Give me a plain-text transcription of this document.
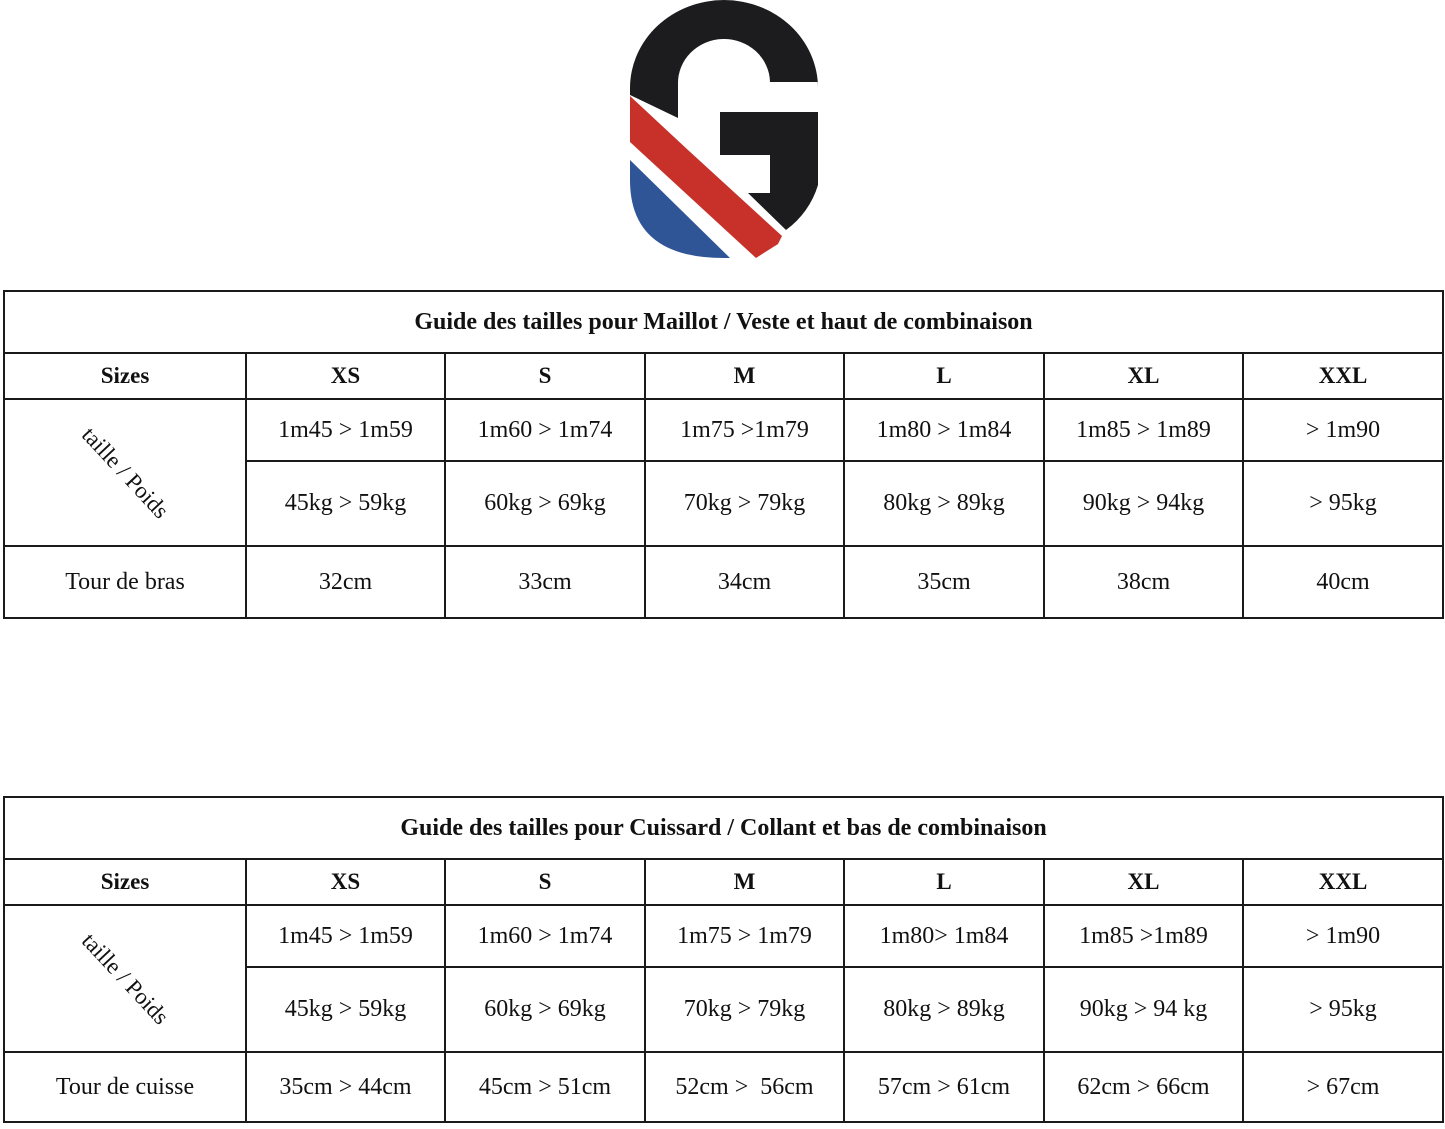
Guide des tailles pour Maillot / Veste et haut de combinaison						
Sizes	XS	S	M	L	XL	XXL

taille / Poids	1m45 > 1m59	1m60 > 1m74	1m75 >1m79	1m80 > 1m84	1m85 > 1m89	> 1m90
	45kg > 59kg	60kg > 69kg	70kg > 79kg	80kg > 89kg	90kg > 94kg	> 95kg
Tour de bras	32cm	33cm	34cm	35cm	38cm	40cm
Guide des tailles pour Cuissard / Collant et bas de combinaison						
Sizes	XS	S	M	L	XL	XXL

taille / Poids	1m45 > 1m59	1m60 > 1m74	1m75 > 1m79	1m80> 1m84	1m85 >1m89	> 1m90
	45kg > 59kg	60kg > 69kg	70kg > 79kg	80kg > 89kg	90kg > 94 kg	> 95kg
Tour de cuisse	35cm > 44cm	45cm > 51cm	52cm >  56cm	57cm > 61cm	62cm > 66cm	> 67cm
